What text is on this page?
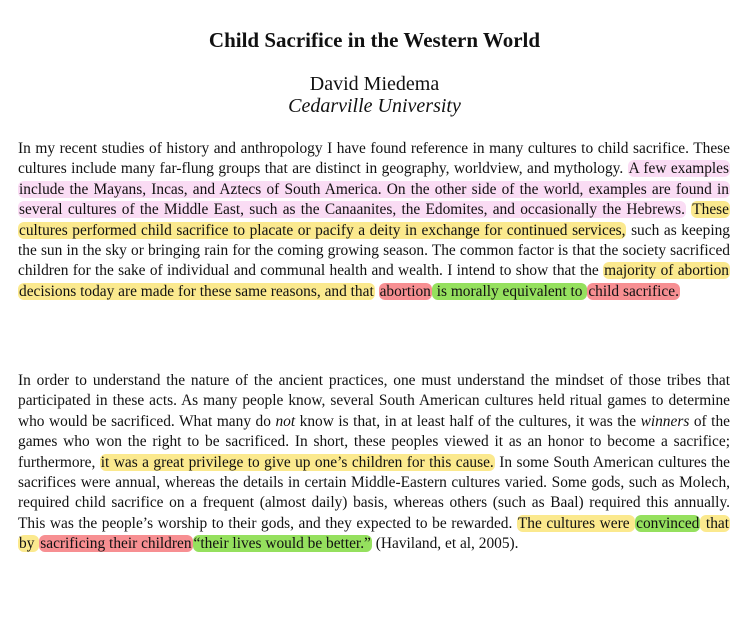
Child Sacrifice in the Western World
David Miedema
Cedarville University

In my recent studies of history and anthropology I have found reference in many cultures to child sacrifice. These cultures include many far-flung groups that are distinct in geography, worldview, and mythology. A few examples include the Mayans, Incas, and Aztecs of South America. On the other side of the world, examples are found in several cultures of the Middle East, such as the Canaanites, the Edomites, and occasionally the Hebrews. These cultures performed child sacrifice to placate or pacify a deity in exchange for continued services, such as keeping the sun in the sky or bringing rain for the coming growing season. The common factor is that the society sacrificed children for the sake of individual and communal health and wealth. I intend to show that the majority of abortion decisions today are made for these same reasons, and that abortion is morally equivalent to child sacrifice.

In order to understand the nature of the ancient practices, one must understand the mindset of those tribes that participated in these acts. As many people know, several South American cultures held ritual games to determine who would be sacrificed. What many do not know is that, in at least half of the cultures, it was the winners of the games who won the right to be sacrificed. In short, these peoples viewed it as an honor to become a sacrifice; furthermore, it was a great privilege to give up one’s children for this cause. In some South American cultures the sacrifices were annual, whereas the details in certain Middle-Eastern cultures varied. Some gods, such as Molech, required child sacrifice on a frequent (almost daily) basis, whereas others (such as Baal) required this annually. This was the people’s worship to their gods, and they expected to be rewarded. The cultures were convinced that by sacrificing their children “their lives would be better.” (Haviland, et al, 2005).
